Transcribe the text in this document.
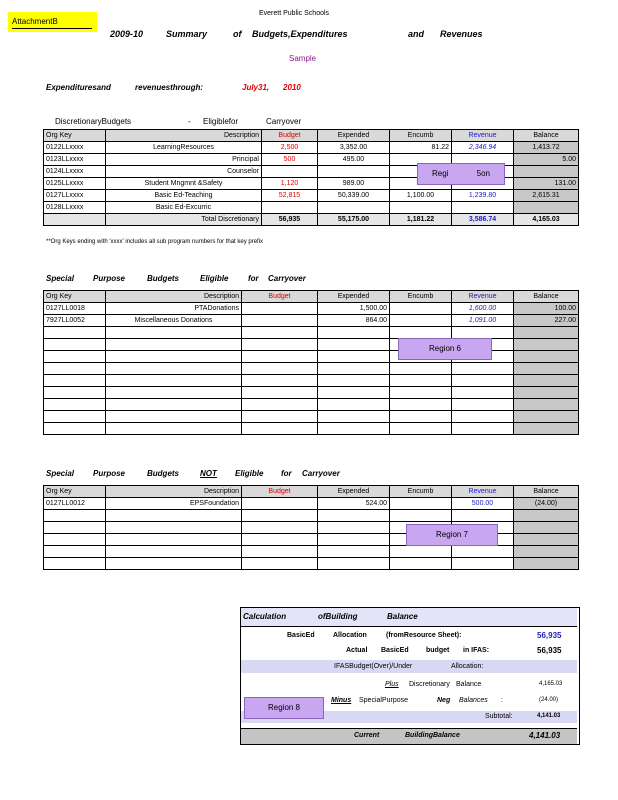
AttachmentB
Everett Public Schools
2009-10	Summary	of Budgets,Expenditures	and Revenues
Sample
Expendituresand	revenuesthrough:	July31, 2010
DiscretionaryBudgets	- Eligiblefor	Carryover
Org Key	Description	Budget	Expended	Encumb	Revenue	Balance
0122LLxxxx	LearningResources	2,500	3,352.00	81.22	2,346.94	1,413.72
0123LLxxxx	Principal	500	495.00			5.00
0124LLxxxx	Counselor					
0125LLxxxx	Student Mngmnt &Safety	1,120	989.00			131.00
0127LLxxxx	Basic Ed-Teaching	52,815	50,339.00	1,100.00	1,239.80	2,615.31
0128LLxxxx	Basic Ed-Excurric					
	Total Discretionary	56,935	55,175.00	1,181.22	3,586.74	4,165.03
**Org Keys ending with 'xxxx' includes all sub program numbers for that key prefix
Regi	5on
Special Purpose	Budgets	Eligible for Carryover
Org Key	Description	Budget	Expended	Encumb	Revenue	Balance
0127LL0018	PTADonations		1,500.00		1,600.00	100.00
7927LL0052	Miscellaneous Donations		864.00		1,091.00	227.00

Region 6
Special Purpose	Budgets	NOT Eligible for Carryover
Org Key	Description	Budget	Expended	Encumb	Revenue	Balance
0127LL0012	EPSFoundation		524.00		500.00	(24.00)

Region 7
Calculation	ofBuilding	Balance
BasicEd	Allocation	(fromResource Sheet):	56,935
Actual BasicEd budget in IFAS:	56,935
IFASBudget(Over)/Under	Allocation:
Plus Discretionary Balance	4,165.03
Minus SpecialPurpose	Neg Balances :	(24.00)
Subtotal:	4,141.03
Current	BuildingBalance	4,141.03
Region 8
